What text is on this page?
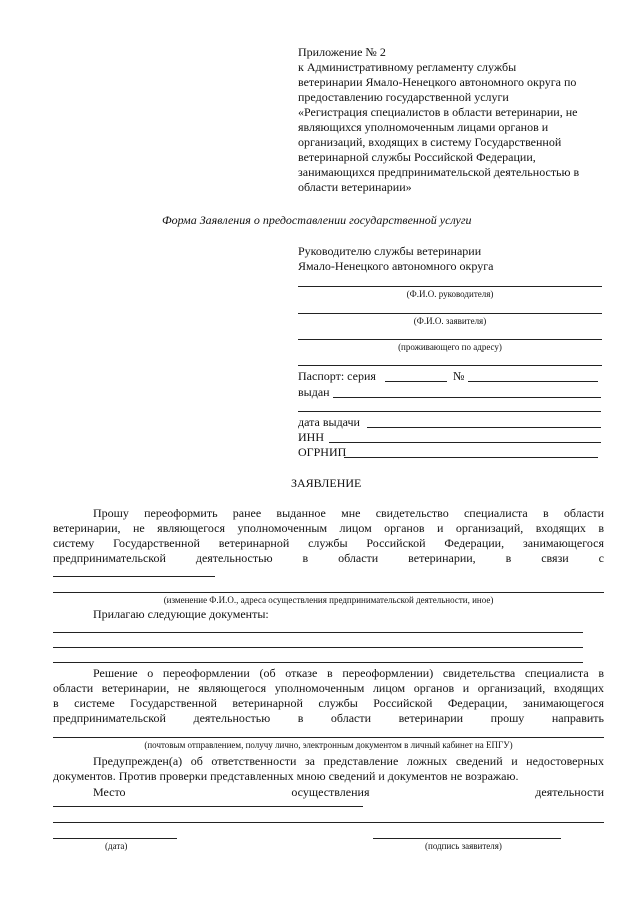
Приложение № 2
к Административному регламенту службы
ветеринарии Ямало-Ненецкого автономного округа по
предоставлению государственной услуги
«Регистрация специалистов в области ветеринарии, не
являющихся уполномоченным лицами органов и
организаций, входящих в систему Государственной
ветеринарной службы Российской Федерации,
занимающихся предпринимательской деятельностью в
области ветеринарии»
Форма Заявления о предоставлении государственной услуги
Руководителю службы ветеринарии
Ямало-Ненецкого автономного округа
(Ф.И.О. руководителя)
(Ф.И.О. заявителя)
(проживающего по адресу)
Паспорт: серия	№
выдан
дата выдачи
ИНН
ОГРНИП
ЗАЯВЛЕНИЕ
Прошу переоформить ранее выданное мне свидетельство специалиста в области
ветеринарии, не являющегося уполномоченным лицом органов и организаций, входящих в
систему Государственной ветеринарной службы Российской Федерации, занимающегося
предпринимательской деятельностью в области ветеринарии, в связи с
(изменение Ф.И.О., адреса осуществления предпринимательской деятельности, иное)
Прилагаю следующие документы:
Решение о переоформлении (об отказе в переоформлении) свидетельства специалиста в
области ветеринарии, не являющегося уполномоченным лицом органов и организаций, входящих
в системе Государственной ветеринарной службы Российской Федерации, занимающегося
предпринимательской деятельностью в области ветеринарии прошу направить
(почтовым отправлением, получу лично, электронным документом в личный кабинет на ЕПГУ)
Предупрежден(а) об ответственности за представление ложных сведений и недостоверных
документов. Против проверки представленных мною сведений и документов не возражаю.
Место осуществления деятельности
(дата)	(подпись заявителя)
